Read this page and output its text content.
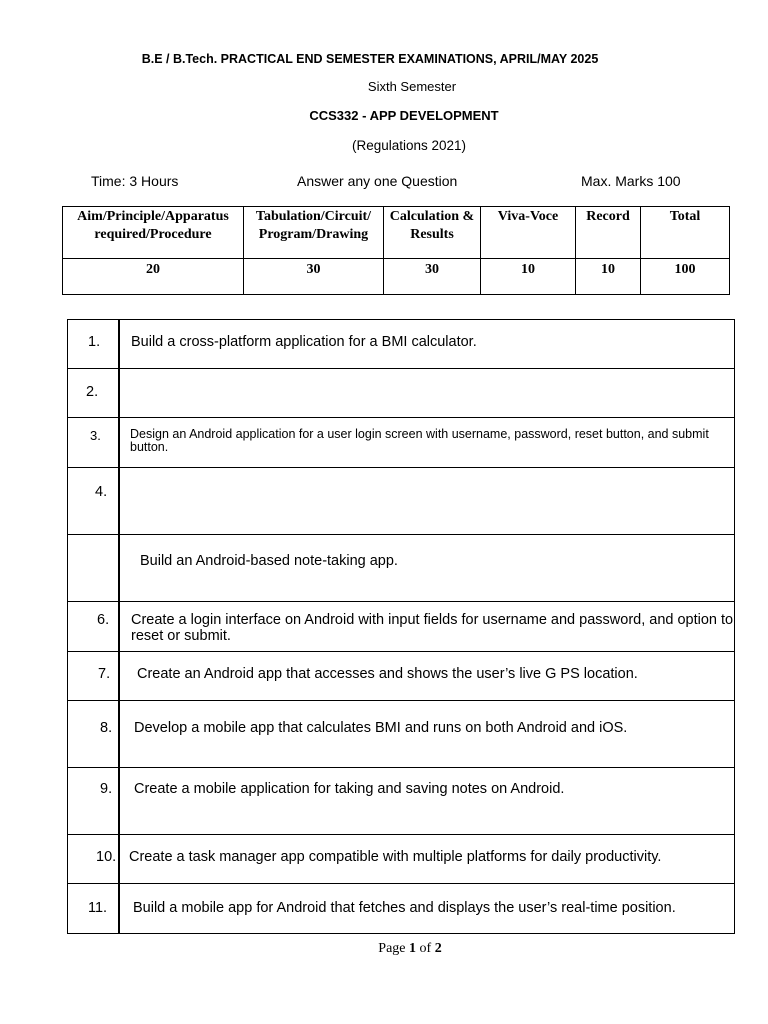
B.E / B.Tech. PRACTICAL END SEMESTER EXAMINATIONS, APRIL/MAY 2025
Sixth Semester
CCS332 - APP DEVELOPMENT
(Regulations 2021)
Time: 3 Hours	Answer any one Question	Max. Marks 100
Aim/Principle/Apparatus required/Procedure	Tabulation/Circuit/ Program/Drawing	Calculation & Results	Viva-Voce	Record	Total
20	30	30	10	10	100
1.	Build a cross-platform application for a BMI calculator.

2.	

3.	Design an Android application for a user login screen with username, password, reset button, and submit button.

4.	

	Build an Android-based note-taking app.

6.	Create a login interface on Android with input fields for username and password, and option to reset or submit.

7.	Create an Android app that accesses and shows the user’s live G PS location.

8.	Develop a mobile app that calculates BMI and runs on both Android and iOS.

9.	Create a mobile application for taking and saving notes on Android.

10.	Create a task manager app compatible with multiple platforms for daily productivity.

11.	Build a mobile app for Android that fetches and displays the user’s real-time position.
Page 1 of 2
